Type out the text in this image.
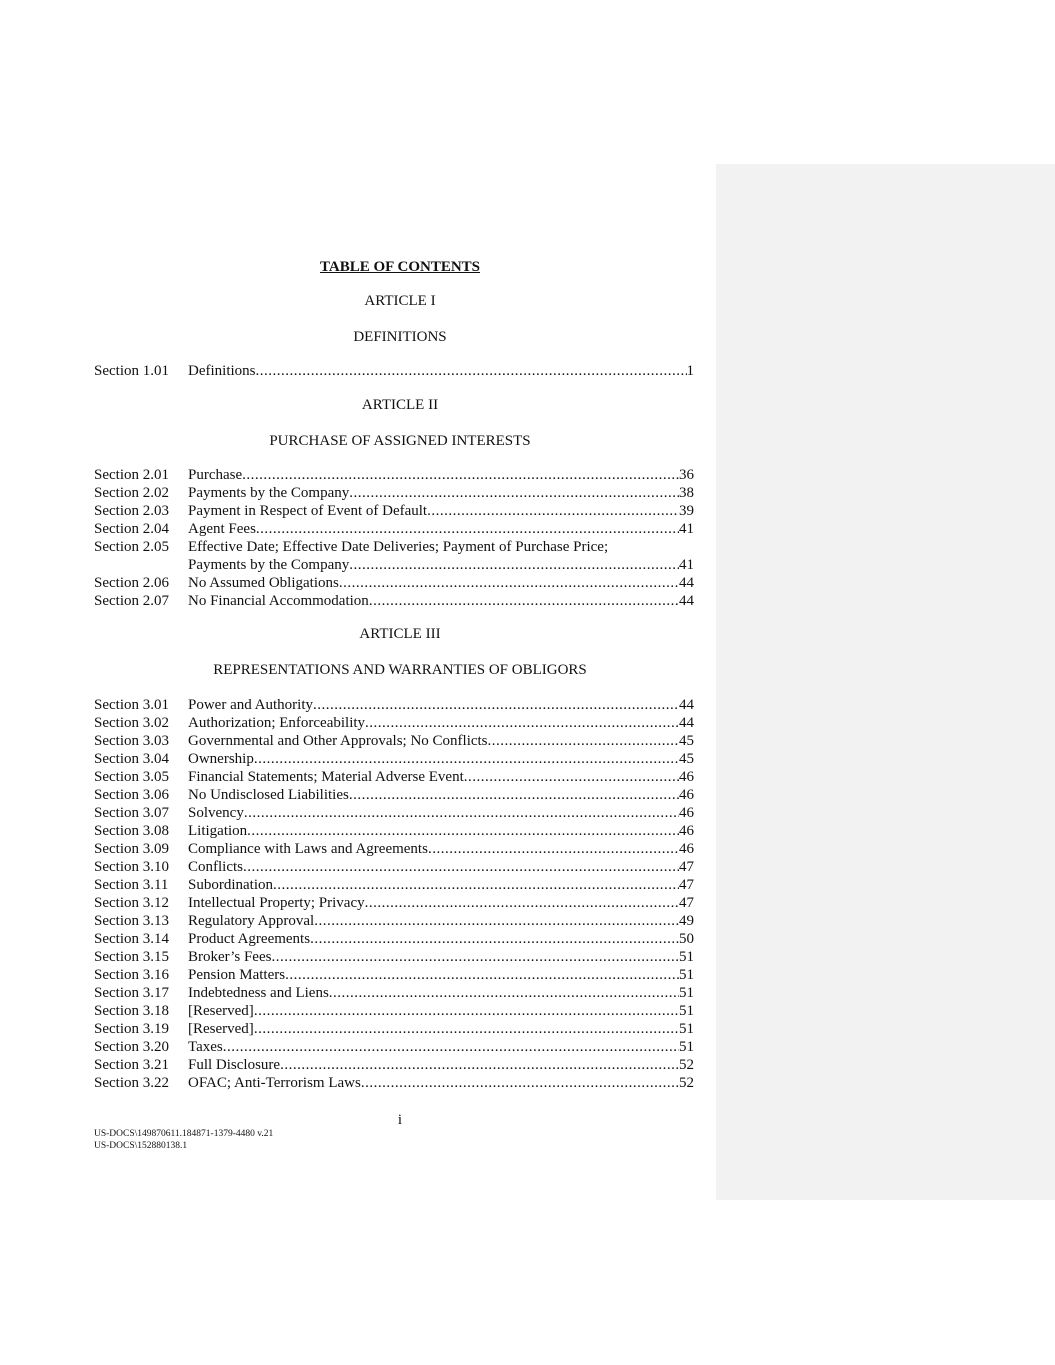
TABLE OF CONTENTS
ARTICLE I
DEFINITIONS
Section 1.01 Definitions .....	1
ARTICLE II
PURCHASE OF ASSIGNED INTERESTS
Section 2.01 Purchase .....	36
Section 2.02 Payments by the Company .....	38
Section 2.03 Payment in Respect of Event of Default .....	39
Section 2.04 Agent Fees .....	41
Section 2.05 Effective Date; Effective Date Deliveries; Payment of Purchase Price;
Payments by the Company .....	41
Section 2.06 No Assumed Obligations .....	44
Section 2.07 No Financial Accommodation .....	44
ARTICLE III
REPRESENTATIONS AND WARRANTIES OF OBLIGORS
Section 3.01 Power and Authority .....	44
Section 3.02 Authorization; Enforceability .....	44
Section 3.03 Governmental and Other Approvals; No Conflicts .....	45
Section 3.04 Ownership .....	45
Section 3.05 Financial Statements; Material Adverse Event .....	46
Section 3.06 No Undisclosed Liabilities .....	46
Section 3.07 Solvency .....	46
Section 3.08 Litigation .....	46
Section 3.09 Compliance with Laws and Agreements .....	46
Section 3.10 Conflicts .....	47
Section 3.11 Subordination .....	47
Section 3.12 Intellectual Property; Privacy .....	47
Section 3.13 Regulatory Approval .....	49
Section 3.14 Product Agreements .....	50
Section 3.15 Broker’s Fees .....	51
Section 3.16 Pension Matters .....	51
Section 3.17 Indebtedness and Liens .....	51
Section 3.18 [Reserved] .....	51
Section 3.19 [Reserved] .....	51
Section 3.20 Taxes .....	51
Section 3.21 Full Disclosure .....	52
Section 3.22 OFAC; Anti-Terrorism Laws .....	52
i
US-DOCS\149870611.184871-1379-4480 v.21
US-DOCS\152880138.1
